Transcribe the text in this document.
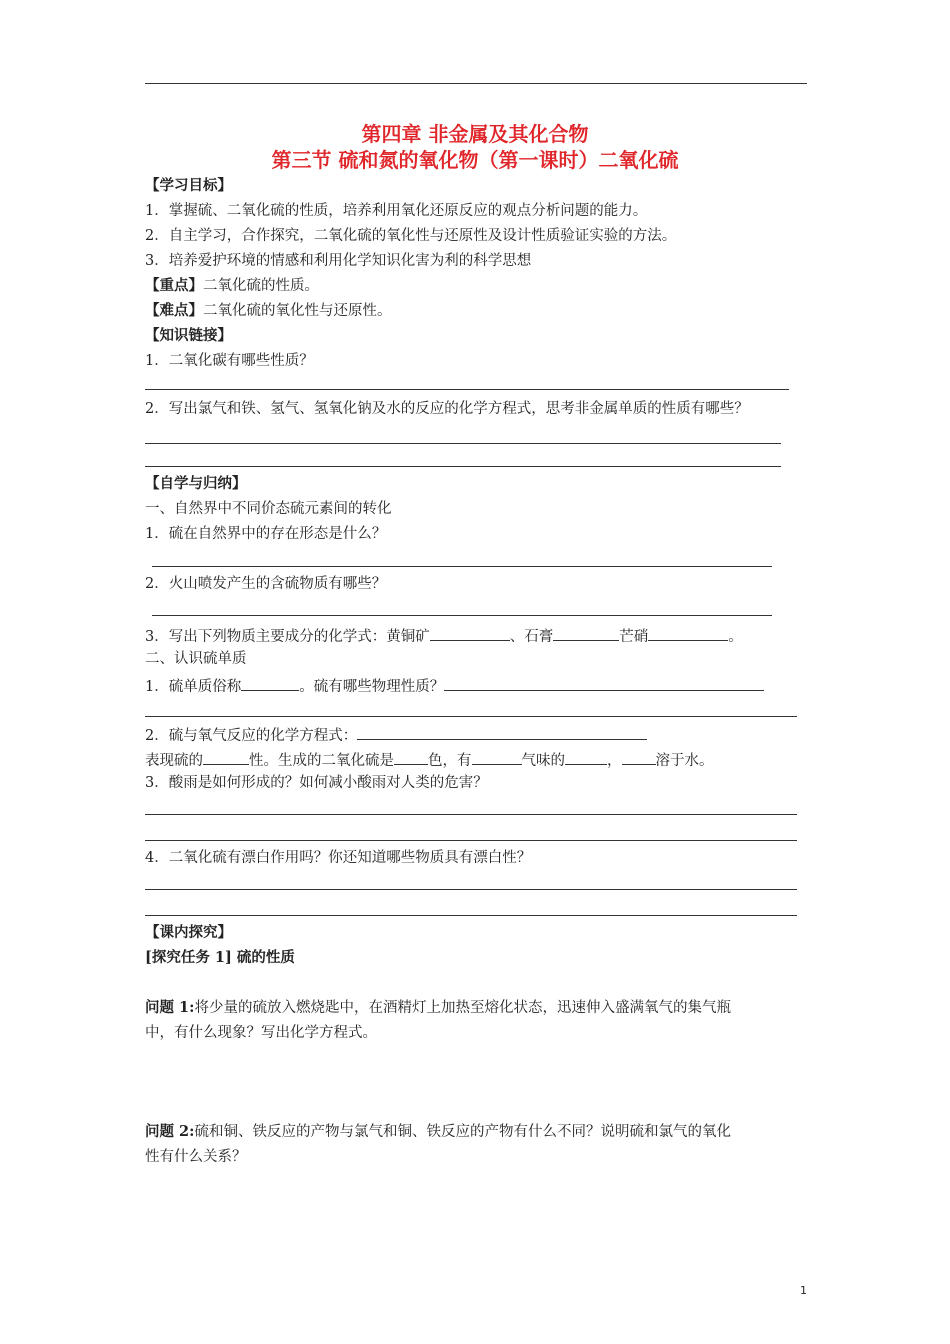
第四章 非金属及其化合物
第三节 硫和氮的氧化物（第一课时）二氧化硫
【学习目标】
1．掌握硫、二氧化硫的性质，培养利用氧化还原反应的观点分析问题的能力。
2．自主学习，合作探究，二氧化硫的氧化性与还原性及设计性质验证实验的方法。
3．培养爱护环境的情感和利用化学知识化害为利的科学思想
【重点】二氧化硫的性质。
【难点】二氧化硫的氧化性与还原性。
【知识链接】
1．二氧化碳有哪些性质？
2．写出氯气和铁、氢气、氢氧化钠及水的反应的化学方程式，思考非金属单质的性质有哪些？
【自学与归纳】
一、自然界中不同价态硫元素间的转化
1．硫在自然界中的存在形态是什么？
2．火山喷发产生的含硫物质有哪些？
3．写出下列物质主要成分的化学式：黄铜矿	、石膏	芒硝	。
二、认识硫单质
1．硫单质俗称	。硫有哪些物理性质？
2．硫与氧气反应的化学方程式：
表现硫的	性。生成的二氧化硫是 色，有	气味的	， 溶于水。
3．酸雨是如何形成的？如何减小酸雨对人类的危害？
4．二氧化硫有漂白作用吗？你还知道哪些物质具有漂白性？
【课内探究】
[探究任务 1] 硫的性质
问题 1:将少量的硫放入燃烧匙中，在酒精灯上加热至熔化状态，迅速伸入盛满氧气的集气瓶
中，有什么现象？写出化学方程式。
问题 2:硫和铜、铁反应的产物与氯气和铜、铁反应的产物有什么不同？说明硫和氯气的氧化
性有什么关系？
1
